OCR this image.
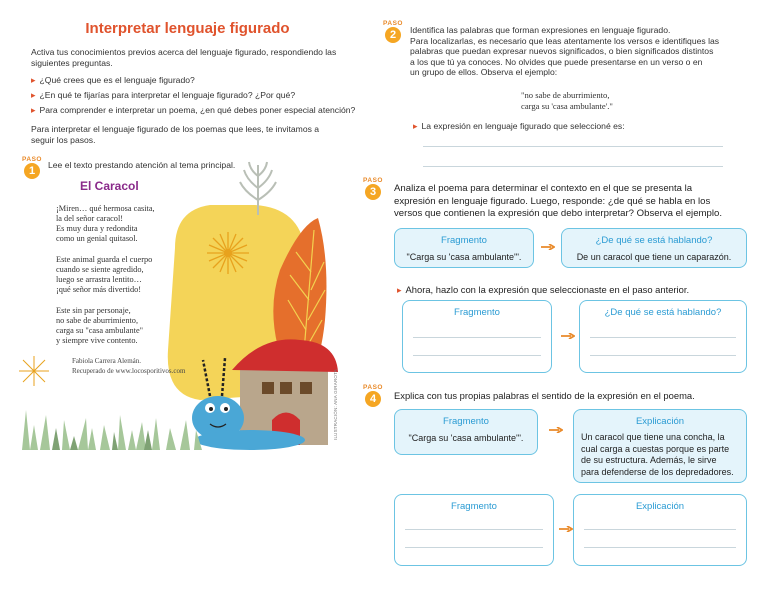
Interpretar lenguaje figurado
Activa tus conocimientos previos acerca del lenguaje figurado, respondiendo las siguientes preguntas.
▸ ¿Qué crees que es el lenguaje figurado?
▸ ¿En qué te fijarías para interpretar el lenguaje figurado? ¿Por qué?
▸ Para comprender e interpretar un poema, ¿en qué debes poner especial atención?
Para interpretar el lenguaje figurado de los poemas que lees, te invitamos a seguir los pasos.
PASO
1	Lee el texto prestando atención al tema principal.
El Caracol
¡Miren… qué hermosa casita,
la del señor caracol!
Es muy dura y redondita
como un genial quitasol.
Este animal guarda el cuerpo
cuando se siente agredido,
luego se arrastra lentito…
¡qué señor más divertido!
Este sin par personaje,
no sabe de aburrimiento,
carga su "casa ambulante"
y siempre vive contento.
Fabiola Carrera Alemán.
Recuperado de www.locosporitivos.com	ILUSTRACIÓN: ANA GIRAROTA
PASO
2	Identifica las palabras que forman expresiones en lenguaje figurado.
Para localizarlas, es necesario que leas atentamente los versos e identifiques las
palabras que puedan expresar nuevos significados, o bien significados distintos
a los que tú ya conoces. No olvides que puede presentarse en un verso o en
un grupo de ellos. Observa el ejemplo:
"no sabe de aburrimiento,
carga su 'casa ambulante'."
▸ La expresión en lenguaje figurado que seleccioné es:
PASO
3	Analiza el poema para determinar el contexto en el que se presenta la
expresión en lenguaje figurado. Luego, responde: ¿de qué se habla en los
versos que contienen la expresión que debo interpretar? Observa el ejemplo.
Fragmento
"Carga su 'casa ambulante'".
¿De qué se está hablando?
De un caracol que tiene un caparazón.
▸ Ahora, hazlo con la expresión que seleccionaste en el paso anterior.
Fragmento	¿De qué se está hablando?
PASO
4	Explica con tus propias palabras el sentido de la expresión en el poema.
Fragmento
"Carga su 'casa ambulante'".
Explicación
Un caracol que tiene una concha, la
cual carga a cuestas porque es parte
de su estructura. Además, le sirve
para defenderse de los depredadores.
Fragmento	Explicación
